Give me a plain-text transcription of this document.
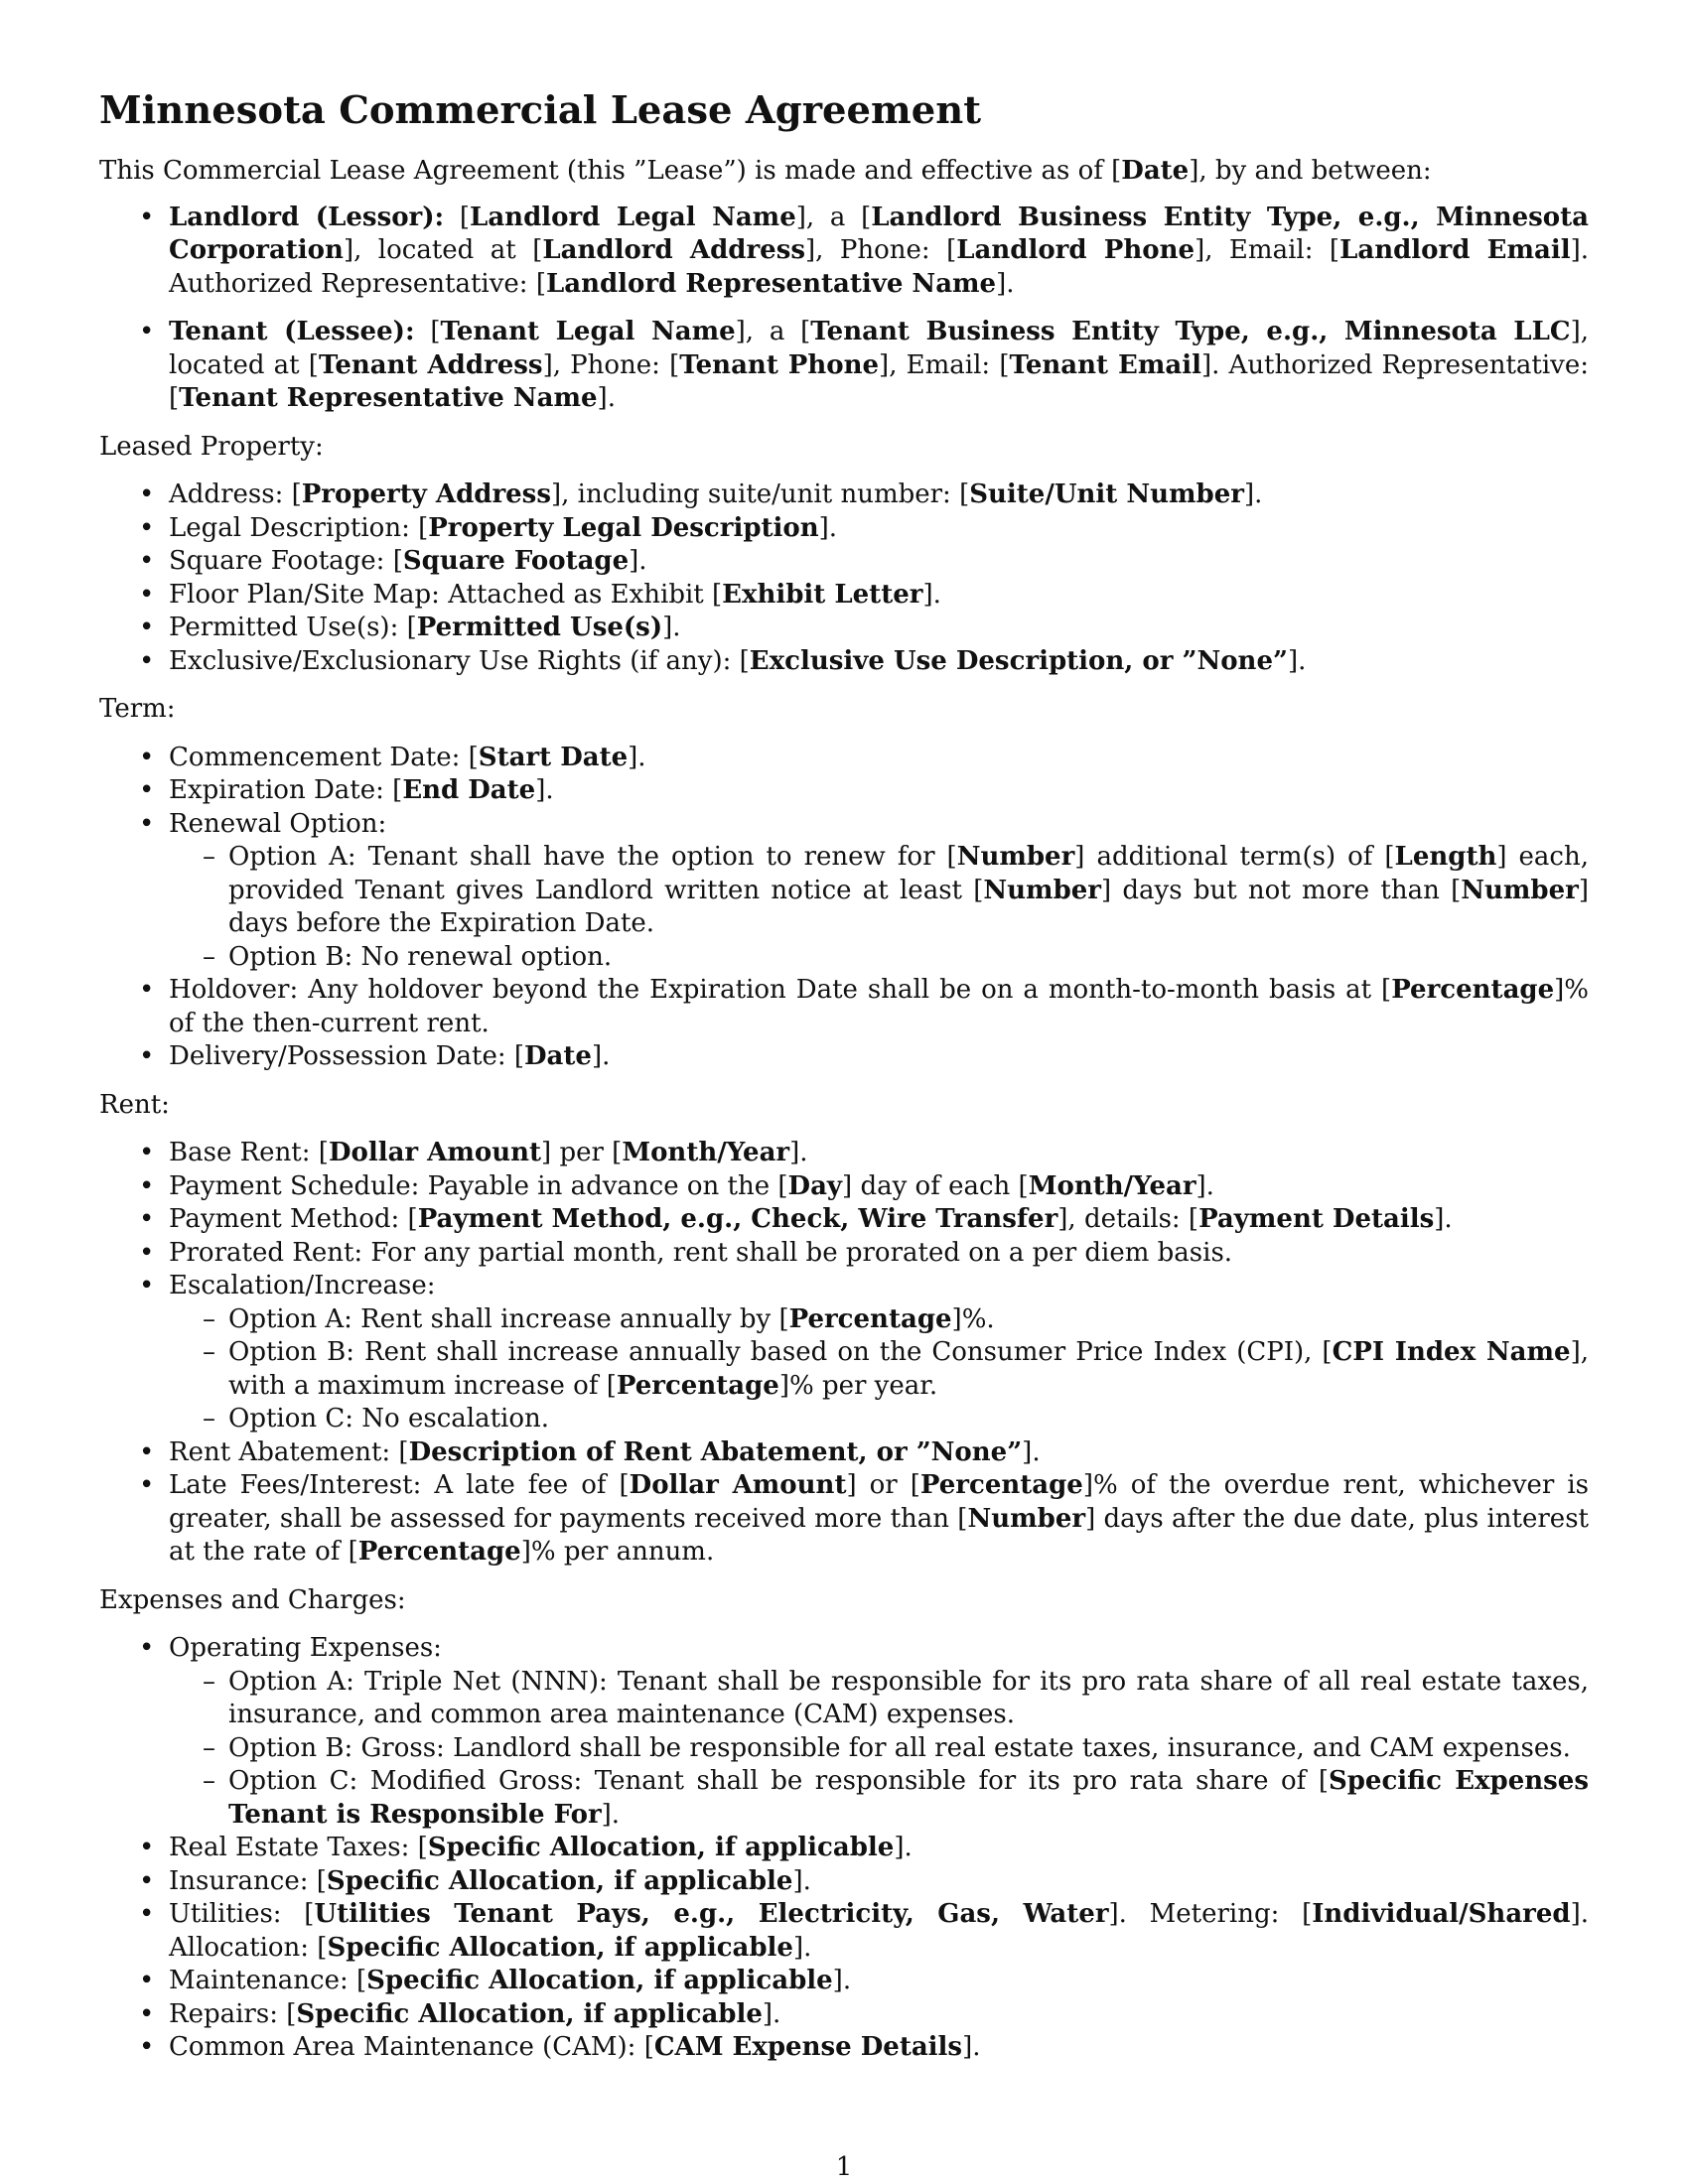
Minnesota Commercial Lease Agreement

This Commercial Lease Agreement (this ”Lease”) is made and effective as of [Date], by and between:

• Landlord (Lessor): [Landlord Legal Name], a [Landlord Business Entity Type, e.g., Minnesota Corporation], located at [Landlord Address], Phone: [Landlord Phone], Email: [Landlord Email]. Authorized Representative: [Landlord Representative Name].
• Tenant (Lessee): [Tenant Legal Name], a [Tenant Business Entity Type, e.g., Minnesota LLC], located at [Tenant Address], Phone: [Tenant Phone], Email: [Tenant Email]. Authorized Representative: [Tenant Representative Name].

Leased Property:

• Address: [Property Address], including suite/unit number: [Suite/Unit Number].
• Legal Description: [Property Legal Description].
• Square Footage: [Square Footage].
• Floor Plan/Site Map: Attached as Exhibit [Exhibit Letter].
• Permitted Use(s): [Permitted Use(s)].
• Exclusive/Exclusionary Use Rights (if any): [Exclusive Use Description, or ”None”].

Term:

• Commencement Date: [Start Date].
• Expiration Date: [End Date].
• Renewal Option:
– Option A: Tenant shall have the option to renew for [Number] additional term(s) of [Length] each, provided Tenant gives Landlord written notice at least [Number] days but not more than [Number] days before the Expiration Date.
– Option B: No renewal option.
• Holdover: Any holdover beyond the Expiration Date shall be on a month-to-month basis at [Percentage]% of the then-current rent.
• Delivery/Possession Date: [Date].

Rent:

• Base Rent: [Dollar Amount] per [Month/Year].
• Payment Schedule: Payable in advance on the [Day] day of each [Month/Year].
• Payment Method: [Payment Method, e.g., Check, Wire Transfer], details: [Payment Details].
• Prorated Rent: For any partial month, rent shall be prorated on a per diem basis.
• Escalation/Increase:
– Option A: Rent shall increase annually by [Percentage]%.
– Option B: Rent shall increase annually based on the Consumer Price Index (CPI), [CPI Index Name], with a maximum increase of [Percentage]% per year.
– Option C: No escalation.
• Rent Abatement: [Description of Rent Abatement, or ”None”].
• Late Fees/Interest: A late fee of [Dollar Amount] or [Percentage]% of the overdue rent, whichever is greater, shall be assessed for payments received more than [Number] days after the due date, plus interest at the rate of [Percentage]% per annum.

Expenses and Charges:

• Operating Expenses:
– Option A: Triple Net (NNN): Tenant shall be responsible for its pro rata share of all real estate taxes, insurance, and common area maintenance (CAM) expenses.
– Option B: Gross: Landlord shall be responsible for all real estate taxes, insurance, and CAM expenses.
– Option C: Modified Gross: Tenant shall be responsible for its pro rata share of [Specific Expenses Tenant is Responsible For].
• Real Estate Taxes: [Specific Allocation, if applicable].
• Insurance: [Specific Allocation, if applicable].
• Utilities: [Utilities Tenant Pays, e.g., Electricity, Gas, Water]. Metering: [Individual/Shared]. Allocation: [Specific Allocation, if applicable].
• Maintenance: [Specific Allocation, if applicable].
• Repairs: [Specific Allocation, if applicable].
• Common Area Maintenance (CAM): [CAM Expense Details].
1
